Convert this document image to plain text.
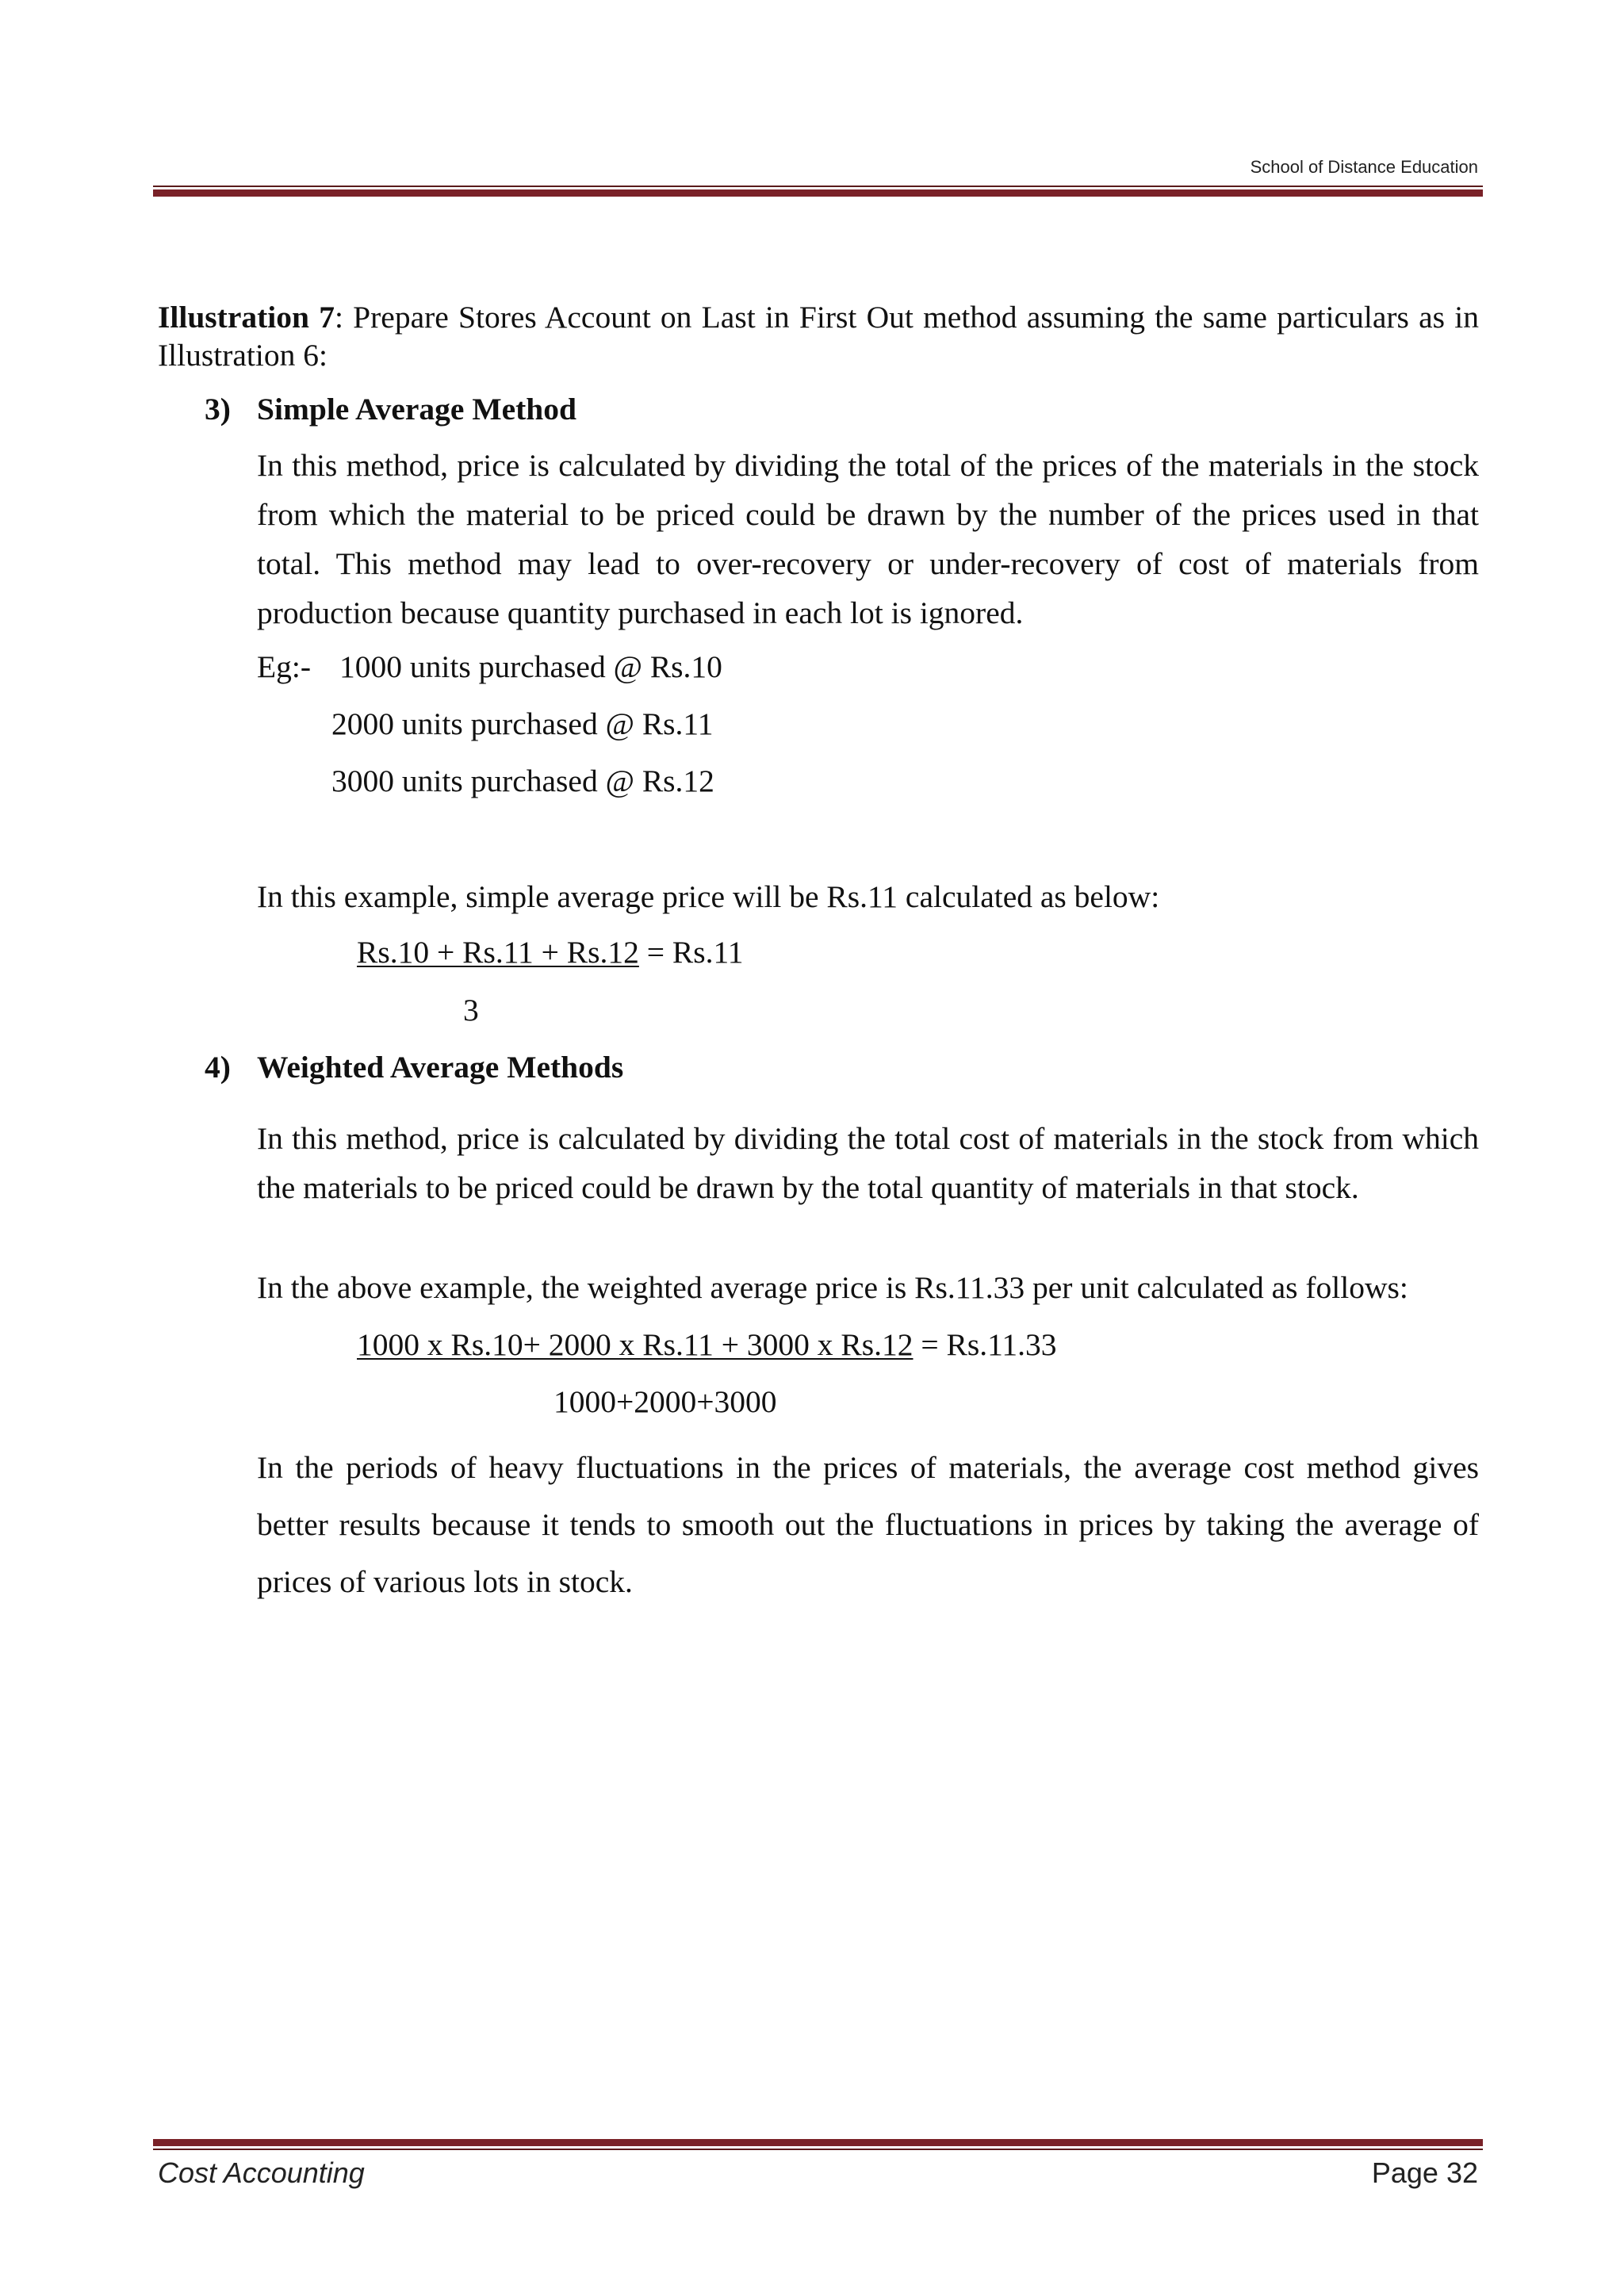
School of Distance Education

Illustration 7: Prepare Stores Account on Last in First Out method assuming the same particulars as in Illustration 6:

3) Simple Average Method

In this method, price is calculated by dividing the total of the prices of the materials in the stock from which the material to be priced could be drawn by the number of the prices used in that total. This method may lead to over-recovery or under-recovery of cost of materials from production because quantity purchased in each lot is ignored.

Eg:- 1000 units purchased @ Rs.10

2000 units purchased @ Rs.11

3000 units purchased @ Rs.12

In this example, simple average price will be Rs.11 calculated as below:

Rs.10 + Rs.11 + Rs.12 = Rs.11

3

4) Weighted Average Methods

In this method, price is calculated by dividing the total cost of materials in the stock from which the materials to be priced could be drawn by the total quantity of materials in that stock.

In the above example, the weighted average price is Rs.11.33 per unit calculated as follows:

1000 x Rs.10+ 2000 x Rs.11 + 3000 x Rs.12 = Rs.11.33

1000+2000+3000

In the periods of heavy fluctuations in the prices of materials, the average cost method gives better results because it tends to smooth out the fluctuations in prices by taking the average of prices of various lots in stock.

Cost Accounting	Page 32
